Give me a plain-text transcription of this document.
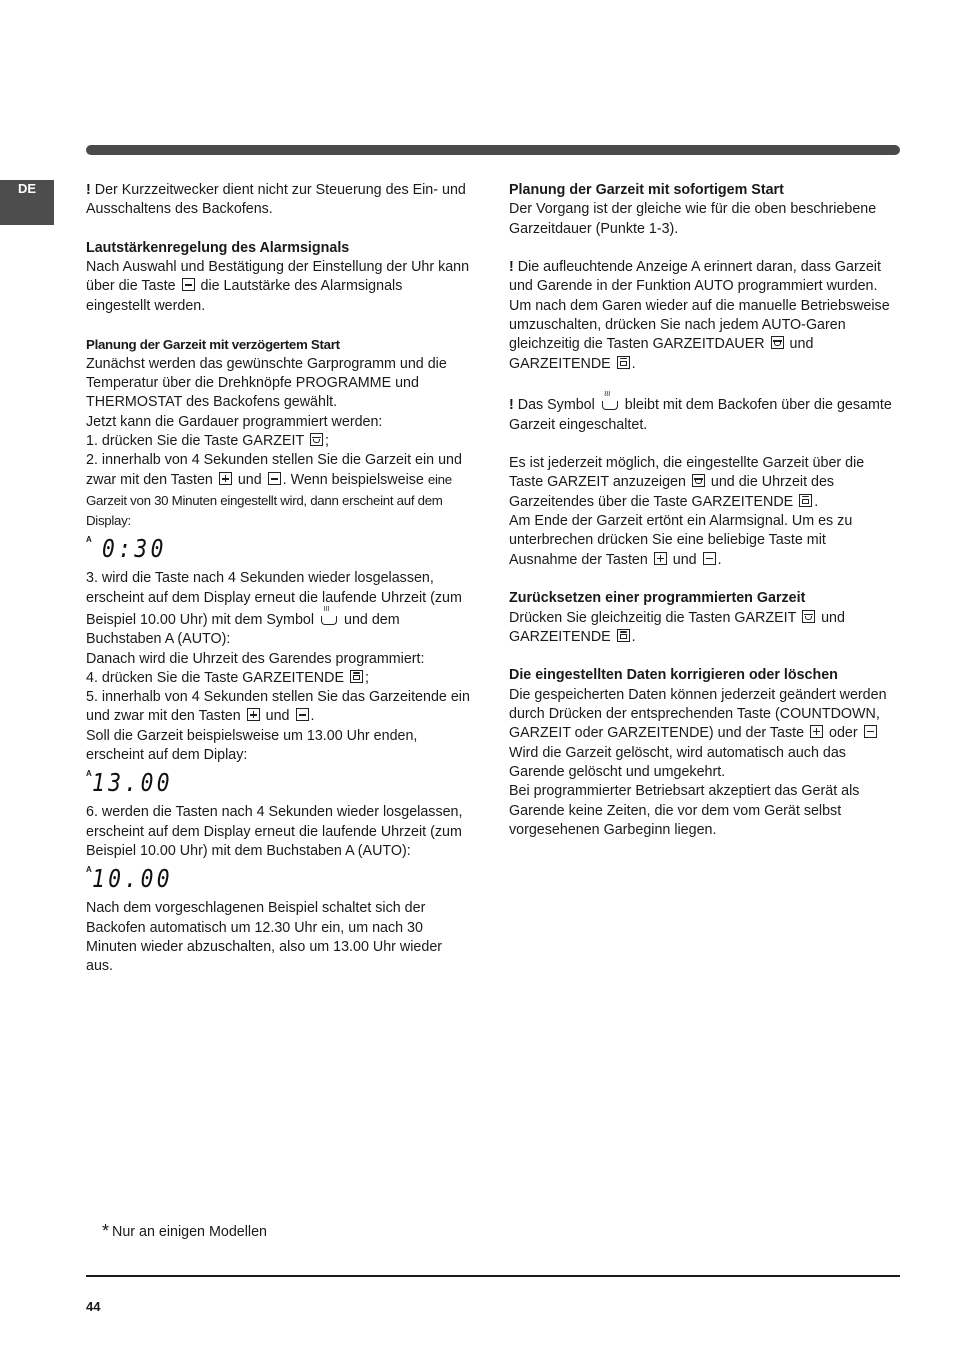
DE	! Der Kurzzeitwecker dient nicht zur Steuerung des Ein- und Ausschaltens des Backofens.

Lautstärkenregelung des Alarmsignals

Nach Auswahl und Bestätigung der Einstellung der Uhr kann über die Taste  die Lautstärke des Alarmsignals eingestellt werden.

Planung der Garzeit mit verzögertem Start

Zunächst werden das gewünschte Garprogramm und die Temperatur über die Drehknöpfe PROGRAMME und THERMOSTAT des Backofens gewählt.

Jetzt kann die Gardauer programmiert werden:

1. drücken Sie die Taste GARZEIT ;

2. innerhalb von 4 Sekunden stellen Sie die Garzeit ein und zwar mit den Tasten  und . Wenn beispielsweise eine Garzeit von 30 Minuten eingestellt wird, dann erscheint auf dem Display:

A 0:30

3. wird die Taste nach 4 Sekunden wieder losgelassen, erscheint auf dem Display erneut die laufende Uhrzeit (zum Beispiel 10.00 Uhr) mit dem Symbol ≀≀≀ und dem Buchstaben A (AUTO):

Danach wird die Uhrzeit des Garendes programmiert:

4. drücken Sie die Taste GARZEITENDE ;

5. innerhalb von 4 Sekunden stellen Sie das Garzeitende ein und zwar mit den Tasten  und .

Soll die Garzeit beispielsweise um 13.00 Uhr enden, erscheint auf dem Diplay:

A 13.00

6. werden die Tasten nach 4 Sekunden wieder losgelassen, erscheint auf dem Display erneut die laufende Uhrzeit (zum Beispiel 10.00 Uhr) mit dem Buchstaben A (AUTO):

A 10.00

Nach dem vorgeschlagenen Beispiel schaltet sich der Backofen automatisch um 12.30 Uhr ein, um nach 30 Minuten wieder abzuschalten, also um 13.00 Uhr wieder aus.

Planung der Garzeit mit sofortigem Start

Der Vorgang ist der gleiche wie für die oben beschriebene Garzeitdauer (Punkte 1-3).

! Die aufleuchtende Anzeige A erinnert daran, dass Garzeit und Garende in der Funktion AUTO programmiert wurden. Um nach dem Garen wieder auf die manuelle Betriebsweise umzuschalten, drücken Sie nach jedem AUTO-Garen gleichzeitig die Tasten GARZEITDAUER  und GARZEITENDE .

! Das Symbol ≀≀≀ bleibt mit dem Backofen über die gesamte Garzeit eingeschaltet.

Es ist jederzeit möglich, die eingestellte Garzeit über die Taste GARZEIT anzuzeigen  und die Uhrzeit des Garzeitendes über die Taste GARZEITENDE .

Am Ende der Garzeit ertönt ein Alarmsignal. Um es zu unterbrechen drücken Sie eine beliebige Taste mit Ausnahme der Tasten  und .

Zurücksetzen einer programmierten Garzeit

Drücken Sie gleichzeitig die Tasten GARZEIT  und GARZEITENDE .

Die eingestellten Daten korrigieren oder löschen

Die gespeicherten Daten können jederzeit geändert werden durch Drücken der entsprechenden Taste (COUNTDOWN, GARZEIT oder GARZEITENDE) und der Taste  oder

Wird die Garzeit gelöscht, wird automatisch auch das Garende gelöscht und umgekehrt.

Bei programmierter Betriebsart akzeptiert das Gerät als Garende keine Zeiten, die vor dem vom Gerät selbst vorgesehenen Garbeginn liegen.

* Nur an einigen Modellen
44
